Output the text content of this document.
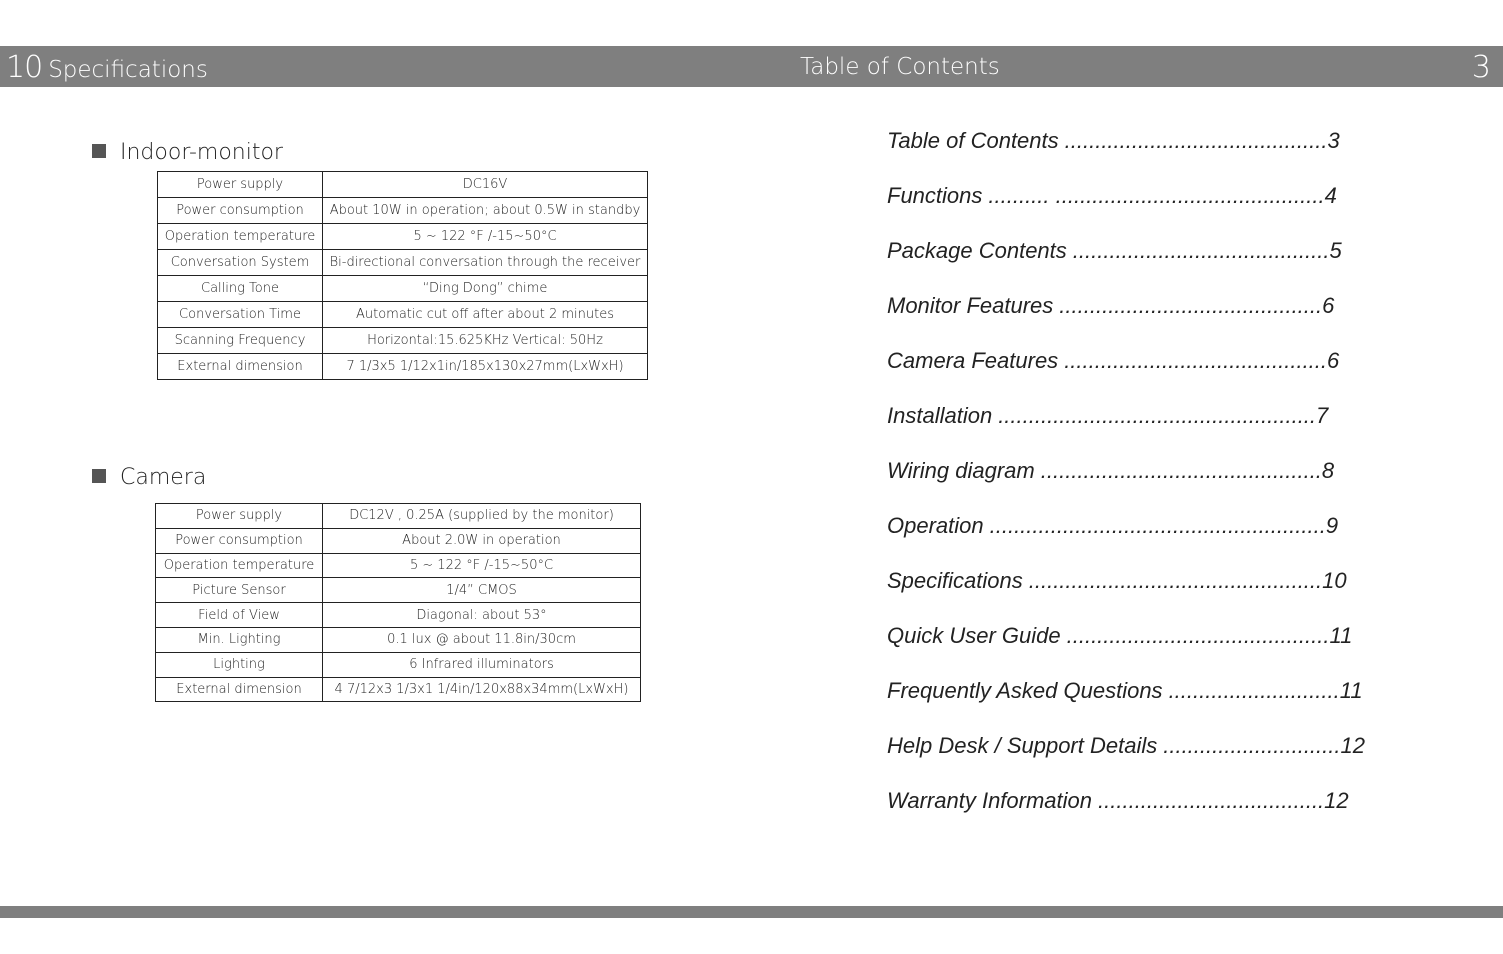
10 Specifications	Table of Contents	3
Indoor-monitor
Power supply	DC16V
Power consumption	About 10W in operation; about 0.5W in standby
Operation temperature	5 ~ 122 °F /-15~50°C
Conversation System	Bi-directional conversation through the receiver
Calling Tone	“Ding Dong” chime
Conversation Time	Automatic cut off after about 2 minutes
Scanning Frequency	Horizontal:15.625KHz Vertical: 50Hz
External dimension	7 1/3x5 1/12x1in/185x130x27mm(LxWxH)
Camera
Power supply	DC12V , 0.25A (supplied by the monitor)
Power consumption	About 2.0W in operation
Operation temperature	5 ~ 122 °F /-15~50°C
Picture Sensor	1/4” CMOS
Field of View	Diagonal: about 53°
Min. Lighting	0.1 lux @ about 11.8in/30cm
Lighting	6 Infrared illuminators
External dimension	4 7/12x3 1/3x1 1/4in/120x88x34mm(LxWxH)
Table of Contents ........................................... 3
Functions .......... ............................................ 4
Package Contents .......................................... 5
Monitor Features ........................................... 6
Camera Features ........................................... 6
Installation .................................................... 7
Wiring diagram .............................................. 8
Operation ....................................................... 9
Specifications ................................................ 10
Quick User Guide ........................................... 11
Frequently Asked Questions ............................ 11
Help Desk / Support Details ............................. 12
Warranty Information ..................................... 12
